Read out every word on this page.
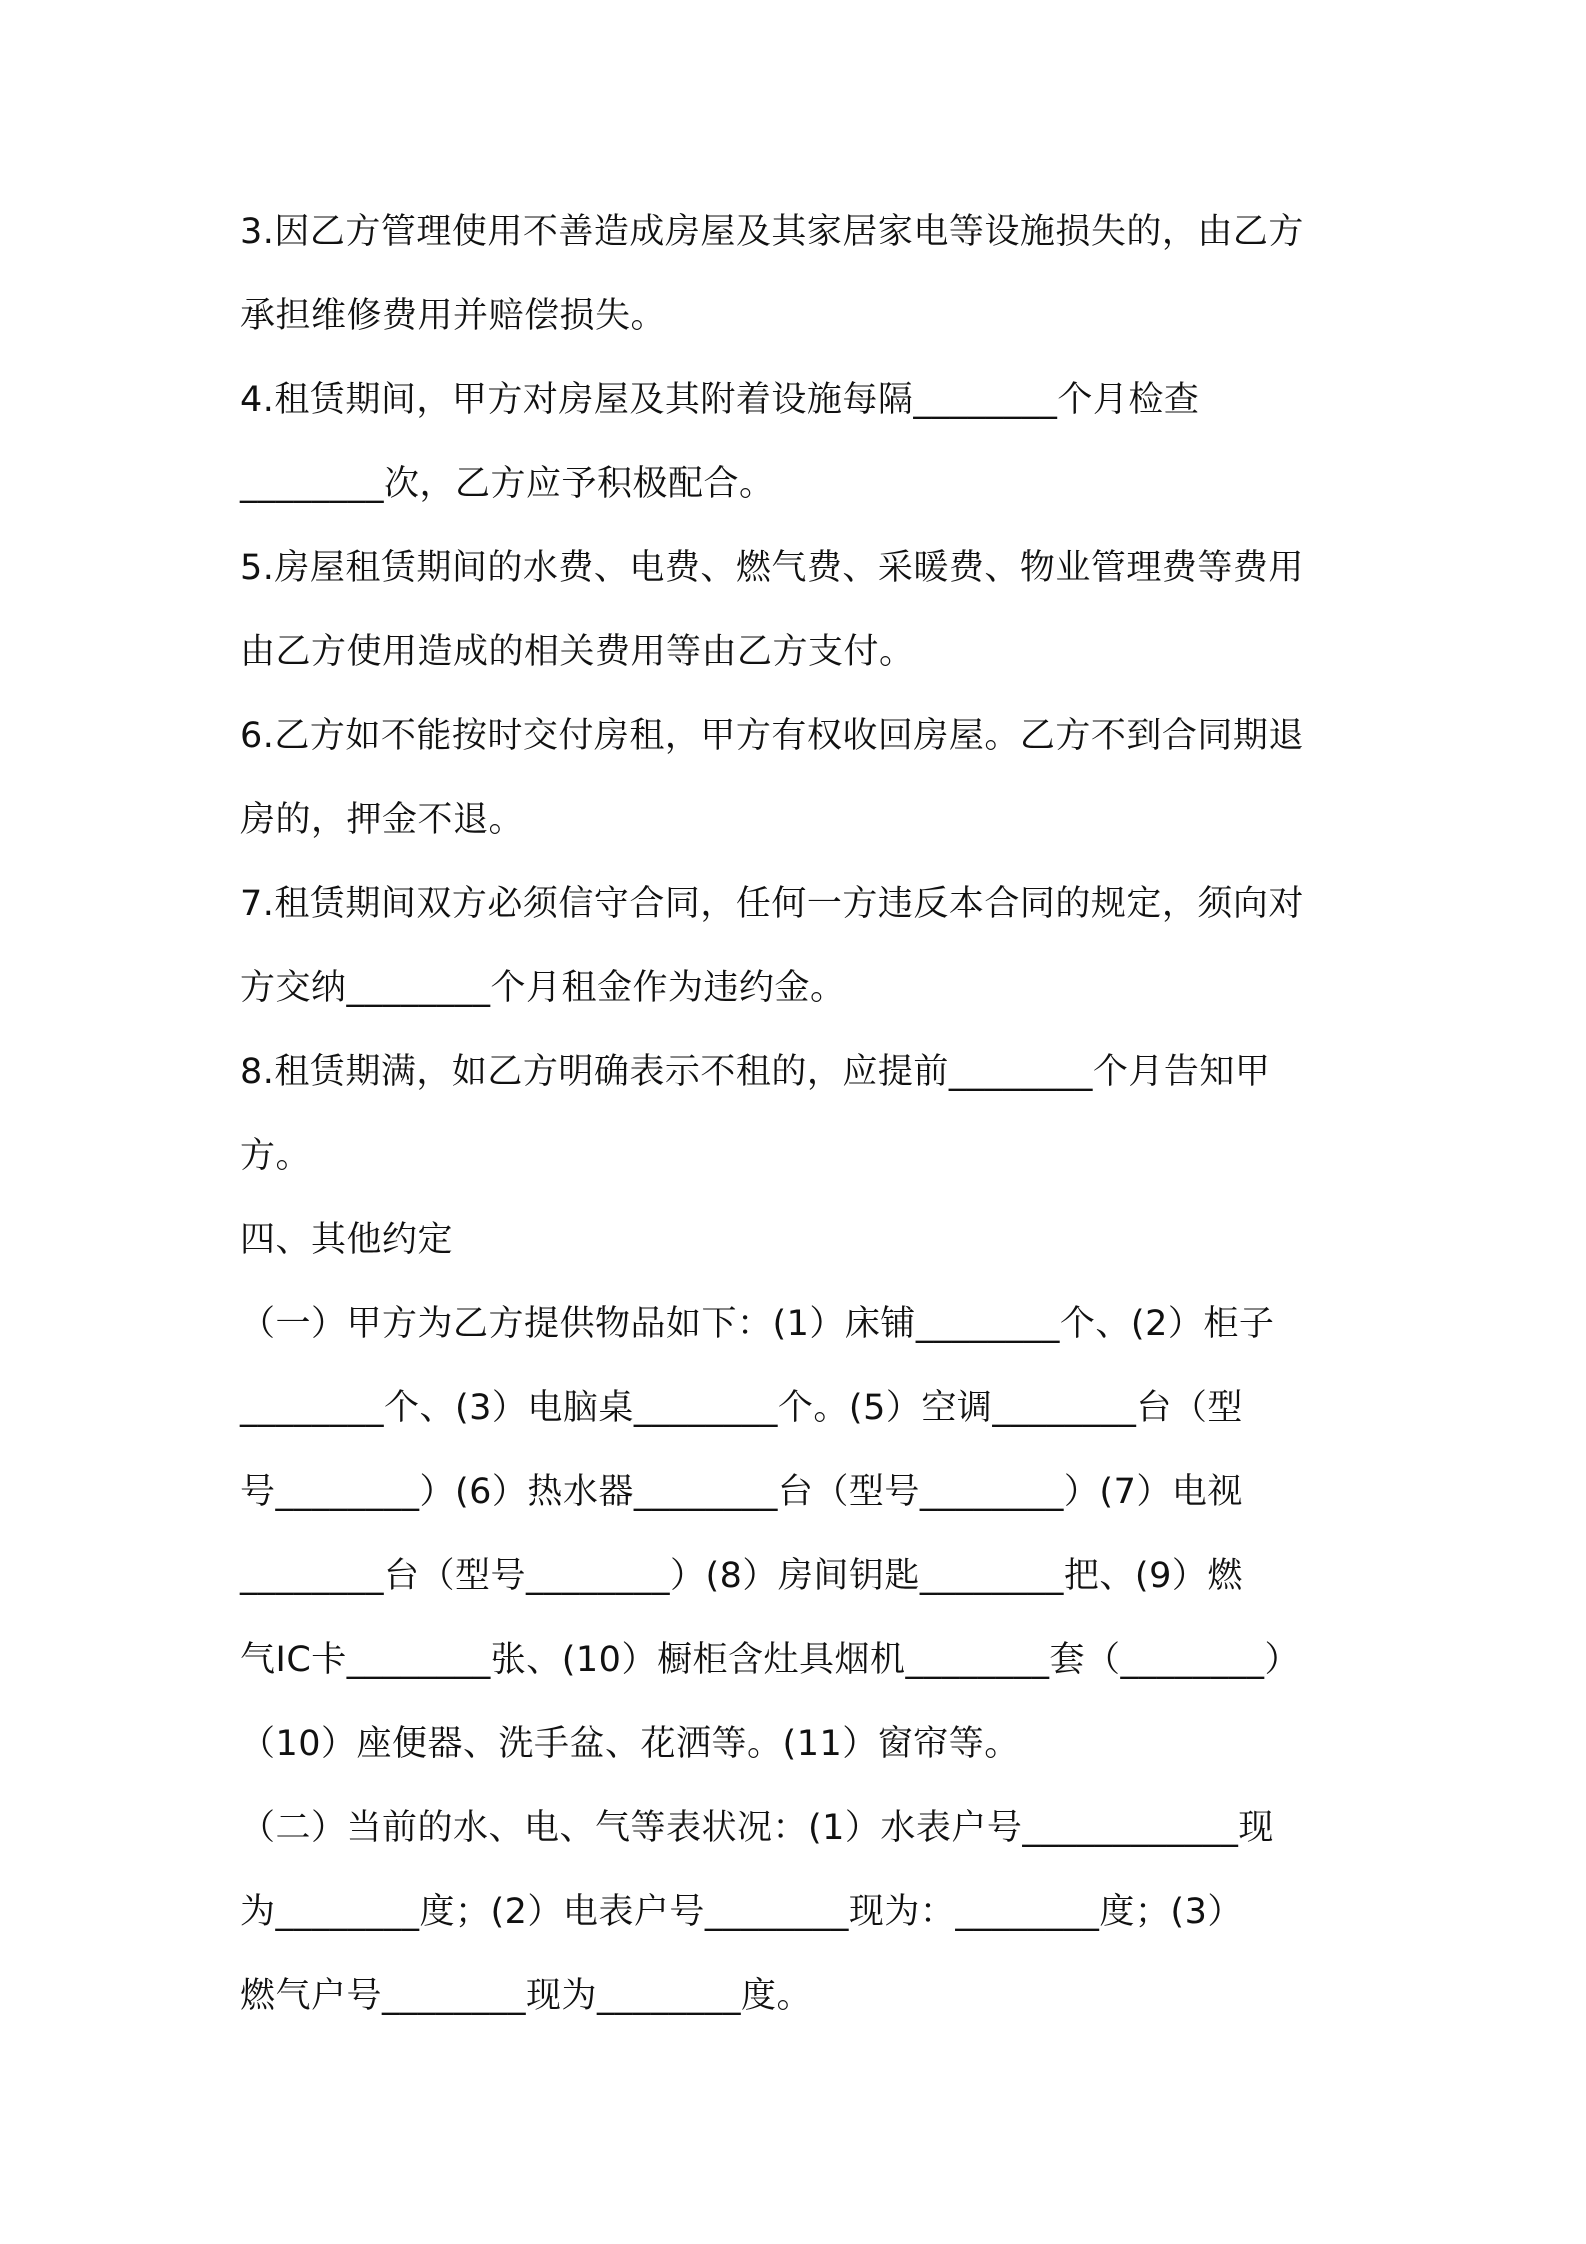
3.因乙方管理使用不善造成房屋及其家居家电等设施损失的，由乙方
承担维修费用并赔偿损失。
4.租赁期间，甲方对房屋及其附着设施每隔________个月检查
________次，乙方应予积极配合。
5.房屋租赁期间的水费、电费、燃气费、采暖费、物业管理费等费用
由乙方使用造成的相关费用等由乙方支付。
6.乙方如不能按时交付房租，甲方有权收回房屋。乙方不到合同期退
房的，押金不退。
7.租赁期间双方必须信守合同，任何一方违反本合同的规定，须向对
方交纳________个月租金作为违约金。
8.租赁期满，如乙方明确表示不租的，应提前________个月告知甲
方。
四、其他约定
（一）甲方为乙方提供物品如下：(1）床铺________个、(2）柜子
________个、(3）电脑桌________个。(5）空调________台（型
号________）(6）热水器________台（型号________）(7）电视
________台（型号________）(8）房间钥匙________把、(9）燃
气IC卡________张、(10）橱柜含灶具烟机________套（________）
（10）座便器、洗手盆、花洒等。(11）窗帘等。
（二）当前的水、电、气等表状况：(1）水表户号____________现
为________度；(2）电表户号________现为：________度；(3）
燃气户号________现为________度。
